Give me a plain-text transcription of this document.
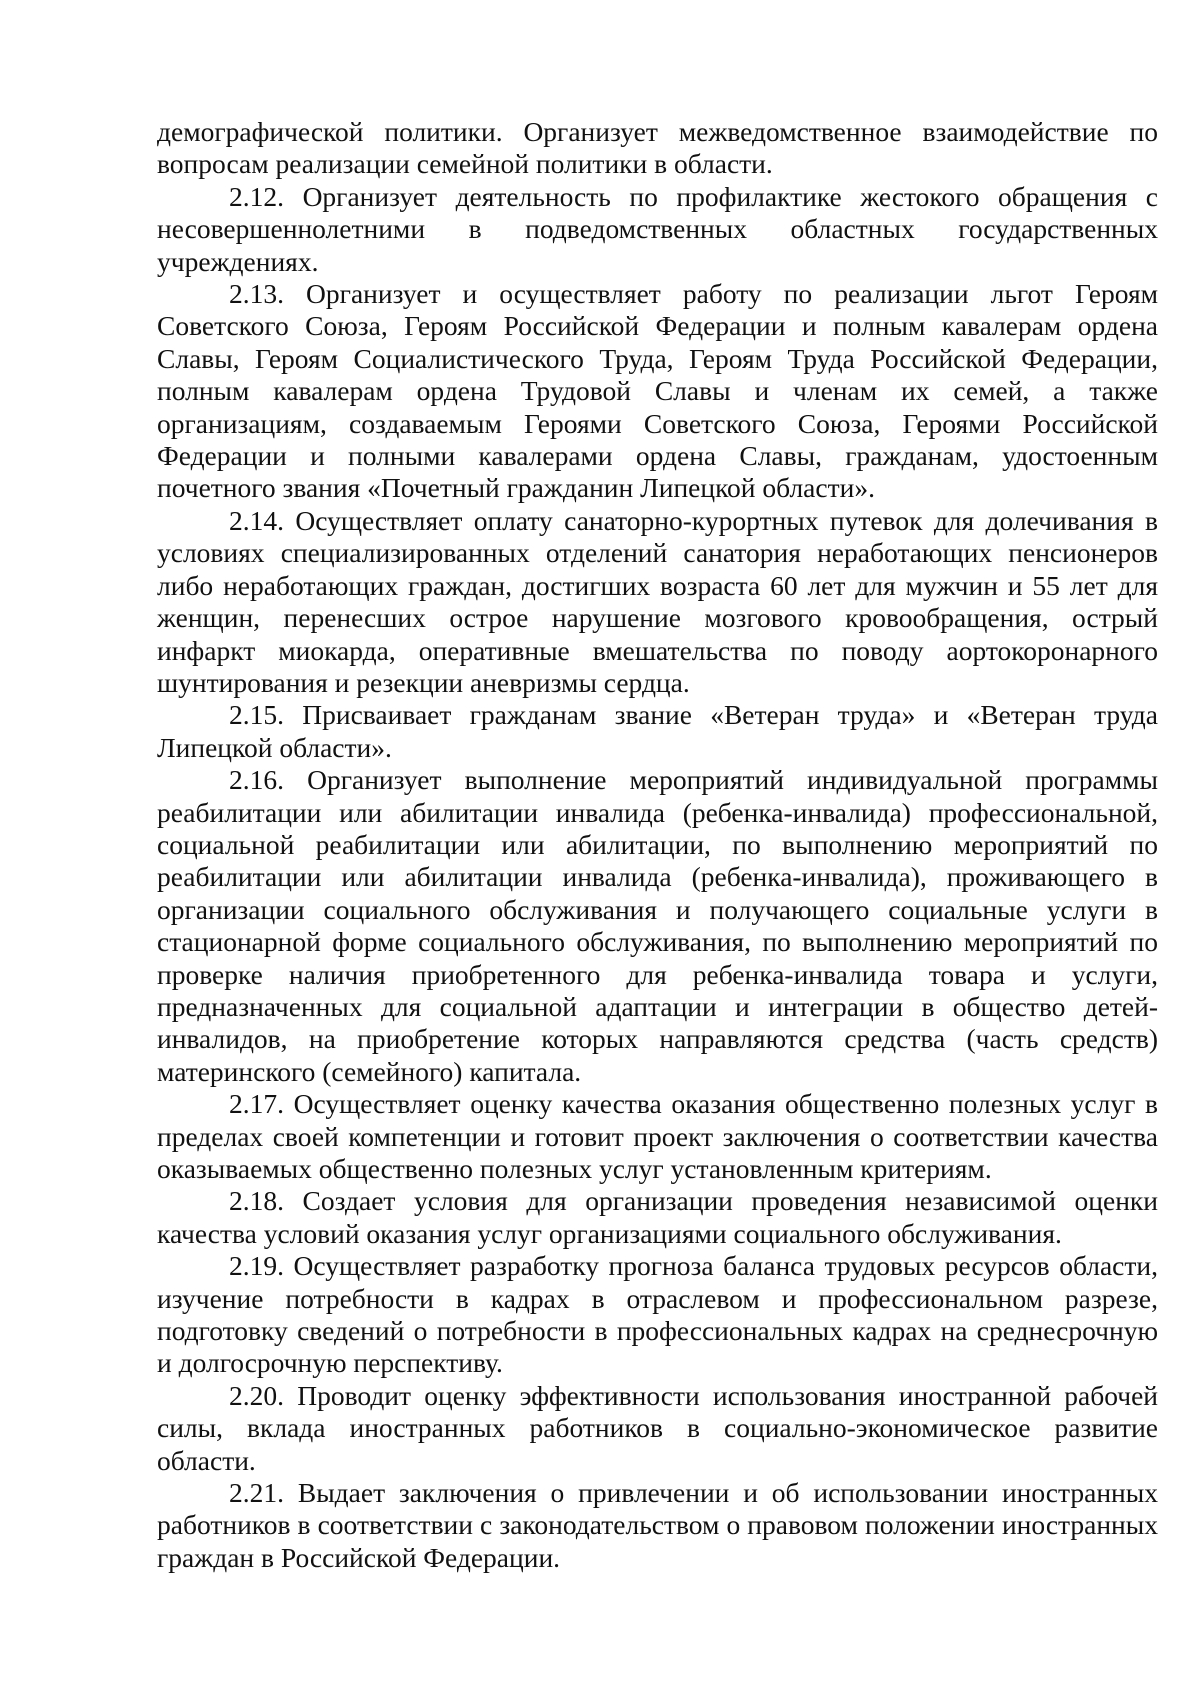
демографической политики. Организует межведомственное взаимодействие по вопросам реализации семейной политики в области.

2.12. Организует деятельность по профилактике жестокого обращения с несовершеннолетними в подведомственных областных государственных учреждениях.

2.13. Организует и осуществляет работу по реализации льгот Героям Советского Союза, Героям Российской Федерации и полным кавалерам ордена Славы, Героям Социалистического Труда, Героям Труда Российской Федерации, полным кавалерам ордена Трудовой Славы и членам их семей, а также организациям, создаваемым Героями Советского Союза, Героями Российской Федерации и полными кавалерами ордена Славы, гражданам, удостоенным почетного звания «Почетный гражданин Липецкой области».

2.14. Осуществляет оплату санаторно-курортных путевок для долечивания в условиях специализированных отделений санатория неработающих пенсионеров либо неработающих граждан, достигших возраста 60 лет для мужчин и 55 лет для женщин, перенесших острое нарушение мозгового кровообращения, острый инфаркт миокарда, оперативные вмешательства по поводу аортокоронарного шунтирования и резекции аневризмы сердца.

2.15. Присваивает гражданам звание «Ветеран труда» и «Ветеран труда Липецкой области».

2.16. Организует выполнение мероприятий индивидуальной программы реабилитации или абилитации инвалида (ребенка-инвалида) профессиональной, социальной реабилитации или абилитации, по выполнению мероприятий по реабилитации или абилитации инвалида (ребенка-инвалида), проживающего в организации социального обслуживания и получающего социальные услуги в стационарной форме социального обслуживания, по выполнению мероприятий по проверке наличия приобретенного для ребенка-инвалида товара и услуги, предназначенных для социальной адаптации и интеграции в общество детей-инвалидов, на приобретение которых направляются средства (часть средств) материнского (семейного) капитала.

2.17. Осуществляет оценку качества оказания общественно полезных услуг в пределах своей компетенции и готовит проект заключения о соответствии качества оказываемых общественно полезных услуг установленным критериям.

2.18. Создает условия для организации проведения независимой оценки качества условий оказания услуг организациями социального обслуживания.

2.19. Осуществляет разработку прогноза баланса трудовых ресурсов области, изучение потребности в кадрах в отраслевом и профессиональном разрезе, подготовку сведений о потребности в профессиональных кадрах на среднесрочную и долгосрочную перспективу.

2.20. Проводит оценку эффективности использования иностранной рабочей силы, вклада иностранных работников в социально-экономическое развитие области.

2.21. Выдает заключения о привлечении и об использовании иностранных работников в соответствии с законодательством о правовом положении иностранных граждан в Российской Федерации.
